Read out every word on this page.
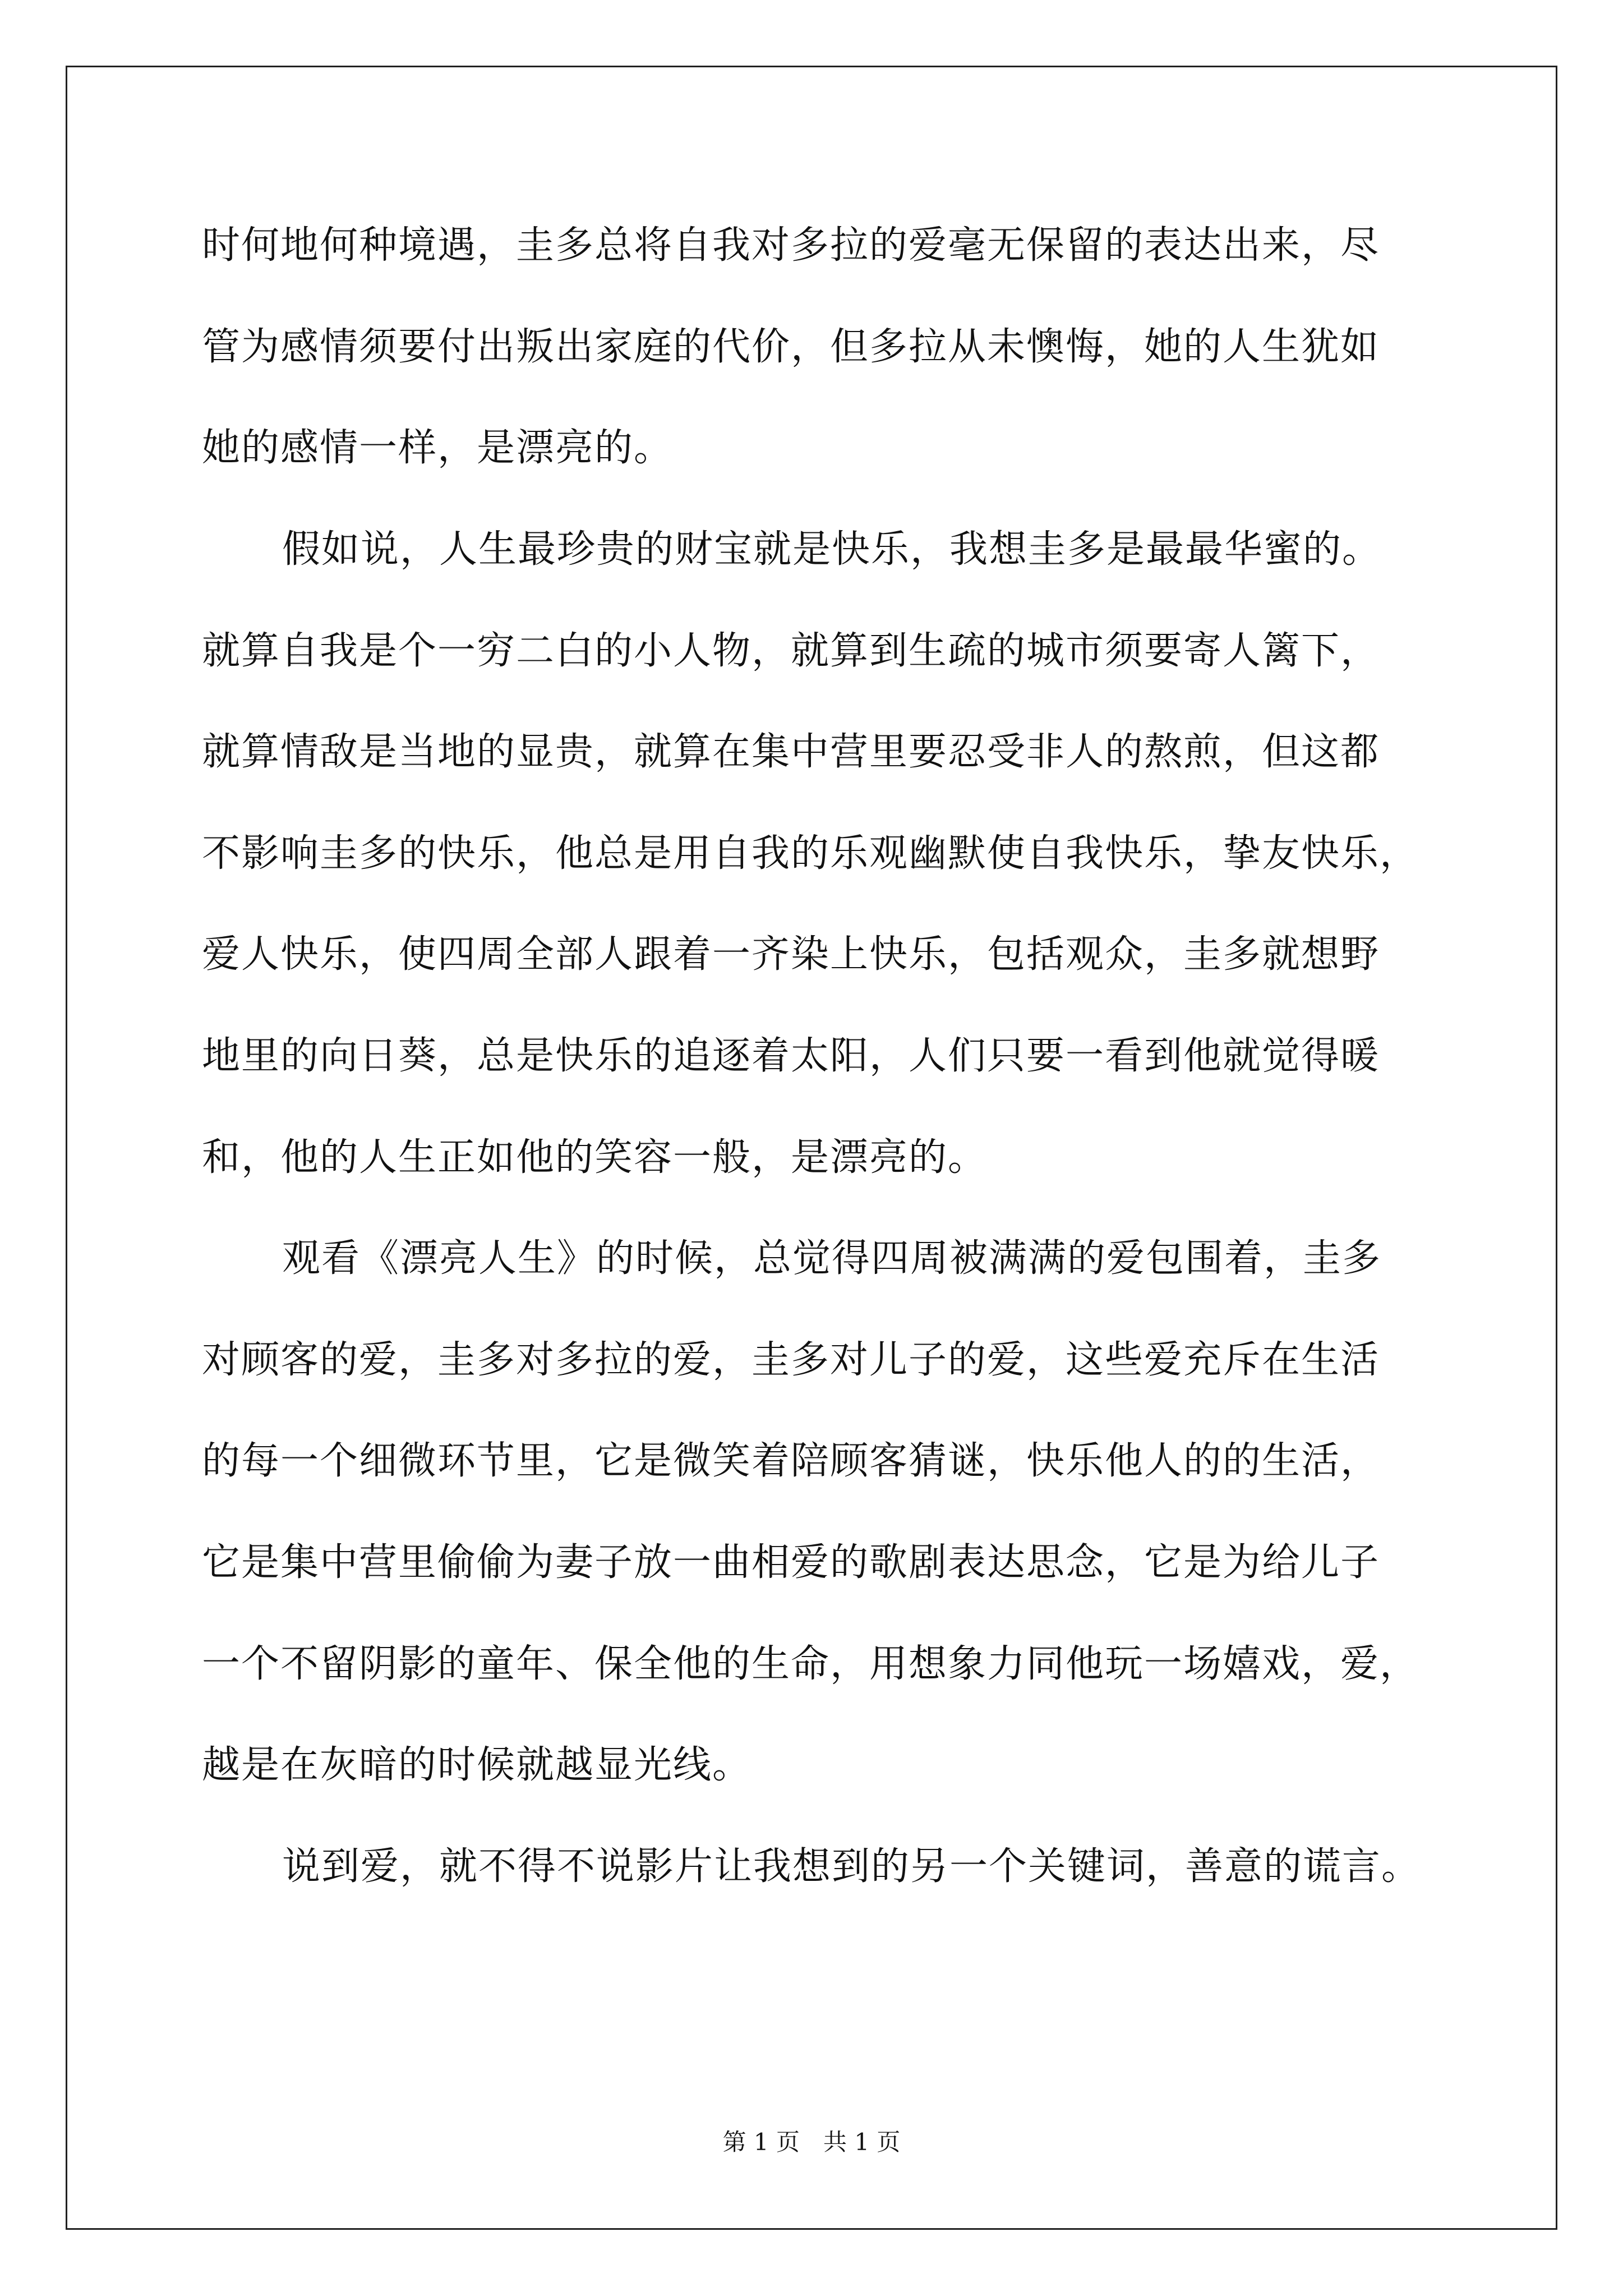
时何地何种境遇，圭多总将自我对多拉的爱毫无保留的表达出来，尽
管为感情须要付出叛出家庭的代价，但多拉从未懊悔，她的人生犹如
她的感情一样，是漂亮的。
假如说，人生最珍贵的财宝就是快乐，我想圭多是最最华蜜的。
就算自我是个一穷二白的小人物，就算到生疏的城市须要寄人篱下，
就算情敌是当地的显贵，就算在集中营里要忍受非人的熬煎，但这都
不影响圭多的快乐，他总是用自我的乐观幽默使自我快乐，挚友快乐，
爱人快乐，使四周全部人跟着一齐染上快乐，包括观众，圭多就想野
地里的向日葵，总是快乐的追逐着太阳，人们只要一看到他就觉得暖
和，他的人生正如他的笑容一般，是漂亮的。
观看《漂亮人生》的时候，总觉得四周被满满的爱包围着，圭多
对顾客的爱，圭多对多拉的爱，圭多对儿子的爱，这些爱充斥在生活
的每一个细微环节里，它是微笑着陪顾客猜谜，快乐他人的的生活，
它是集中营里偷偷为妻子放一曲相爱的歌剧表达思念，它是为给儿子
一个不留阴影的童年、保全他的生命，用想象力同他玩一场嬉戏，爱，
越是在灰暗的时候就越显光线。
说到爱，就不得不说影片让我想到的另一个关键词，善意的谎言。
第 1 页　共 1 页
